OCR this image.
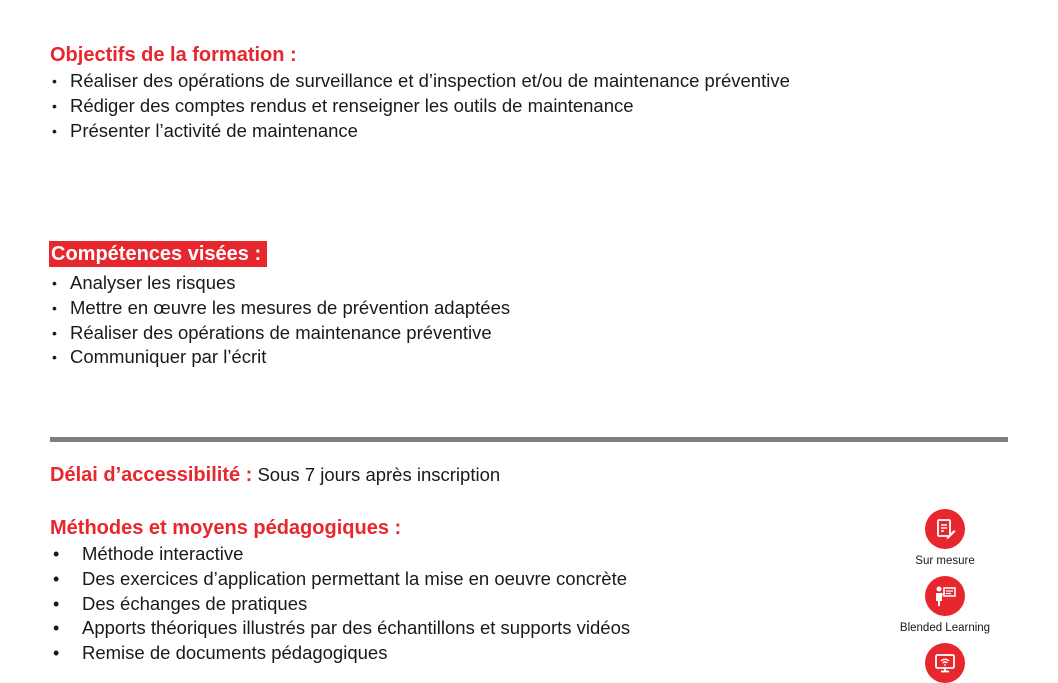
Objectifs de la formation :
• Réaliser des opérations de surveillance et d’inspection et/ou de maintenance préventive
• Rédiger des comptes rendus et renseigner les outils de maintenance
• Présenter l’activité de maintenance
Compétences visées :
• Analyser les risques
• Mettre en œuvre les mesures de prévention adaptées
• Réaliser des opérations de maintenance préventive
• Communiquer par l’écrit
Délai d’accessibilité : Sous 7 jours après inscription
Méthodes et moyens pédagogiques :
• Méthode interactive
• Des exercices d’application permettant la mise en oeuvre concrète
• Des échanges de pratiques
• Apports théoriques illustrés par des échantillons et supports vidéos
• Remise de documents pédagogiques
Sur mesure
Blended Learning
